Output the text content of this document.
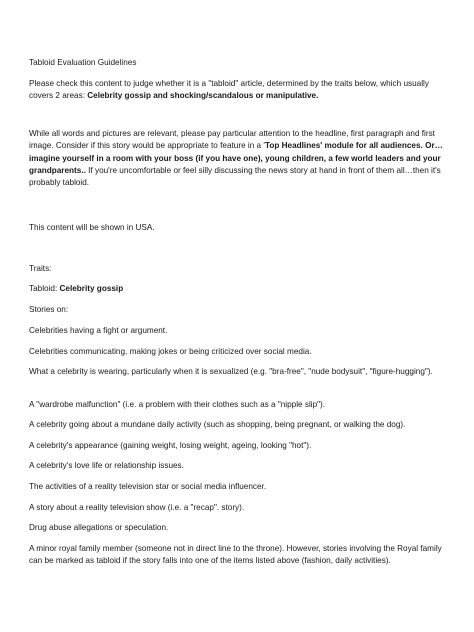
Tabloid Evaluation Guidelines

Please check this content to judge whether it is a "tabloid" article, determined by the traits below, which usually covers 2 areas: Celebrity gossip and shocking/scandalous or manipulative.

While all words and pictures are relevant, please pay particular attention to the headline, first paragraph and first image. Consider if this story would be appropriate to feature in a 'Top Headlines' module for all audiences. Or…imagine yourself in a room with your boss (if you have one), young children, a few world leaders and your grandparents.. If you're uncomfortable or feel silly discussing the news story at hand in front of them all…then it's probably tabloid.

This content will be shown in USA.

Traits:

Tabloid: Celebrity gossip

Stories on:

Celebrities having a fight or argument.

Celebrities communicating, making jokes or being criticized over social media.

What a celebrity is wearing, particularly when it is sexualized (e.g. "bra-free", "nude bodysuit", "figure-hugging").

A "wardrobe malfunction" (i.e. a problem with their clothes such as a "nipple slip").

A celebrity going about a mundane daily activity (such as shopping, being pregnant, or walking the dog).

A celebrity's appearance (gaining weight, losing weight, ageing, looking "hot").

A celebrity's love life or relationship issues.

The activities of a reality television star or social media influencer.

A story about a reality television show (i.e. a "recap". story).

Drug abuse allegations or speculation.

A minor royal family member (someone not in direct line to the throne). However, stories involving the Royal family can be marked as tabloid if the story falls into one of the items listed above (fashion, daily activities).
